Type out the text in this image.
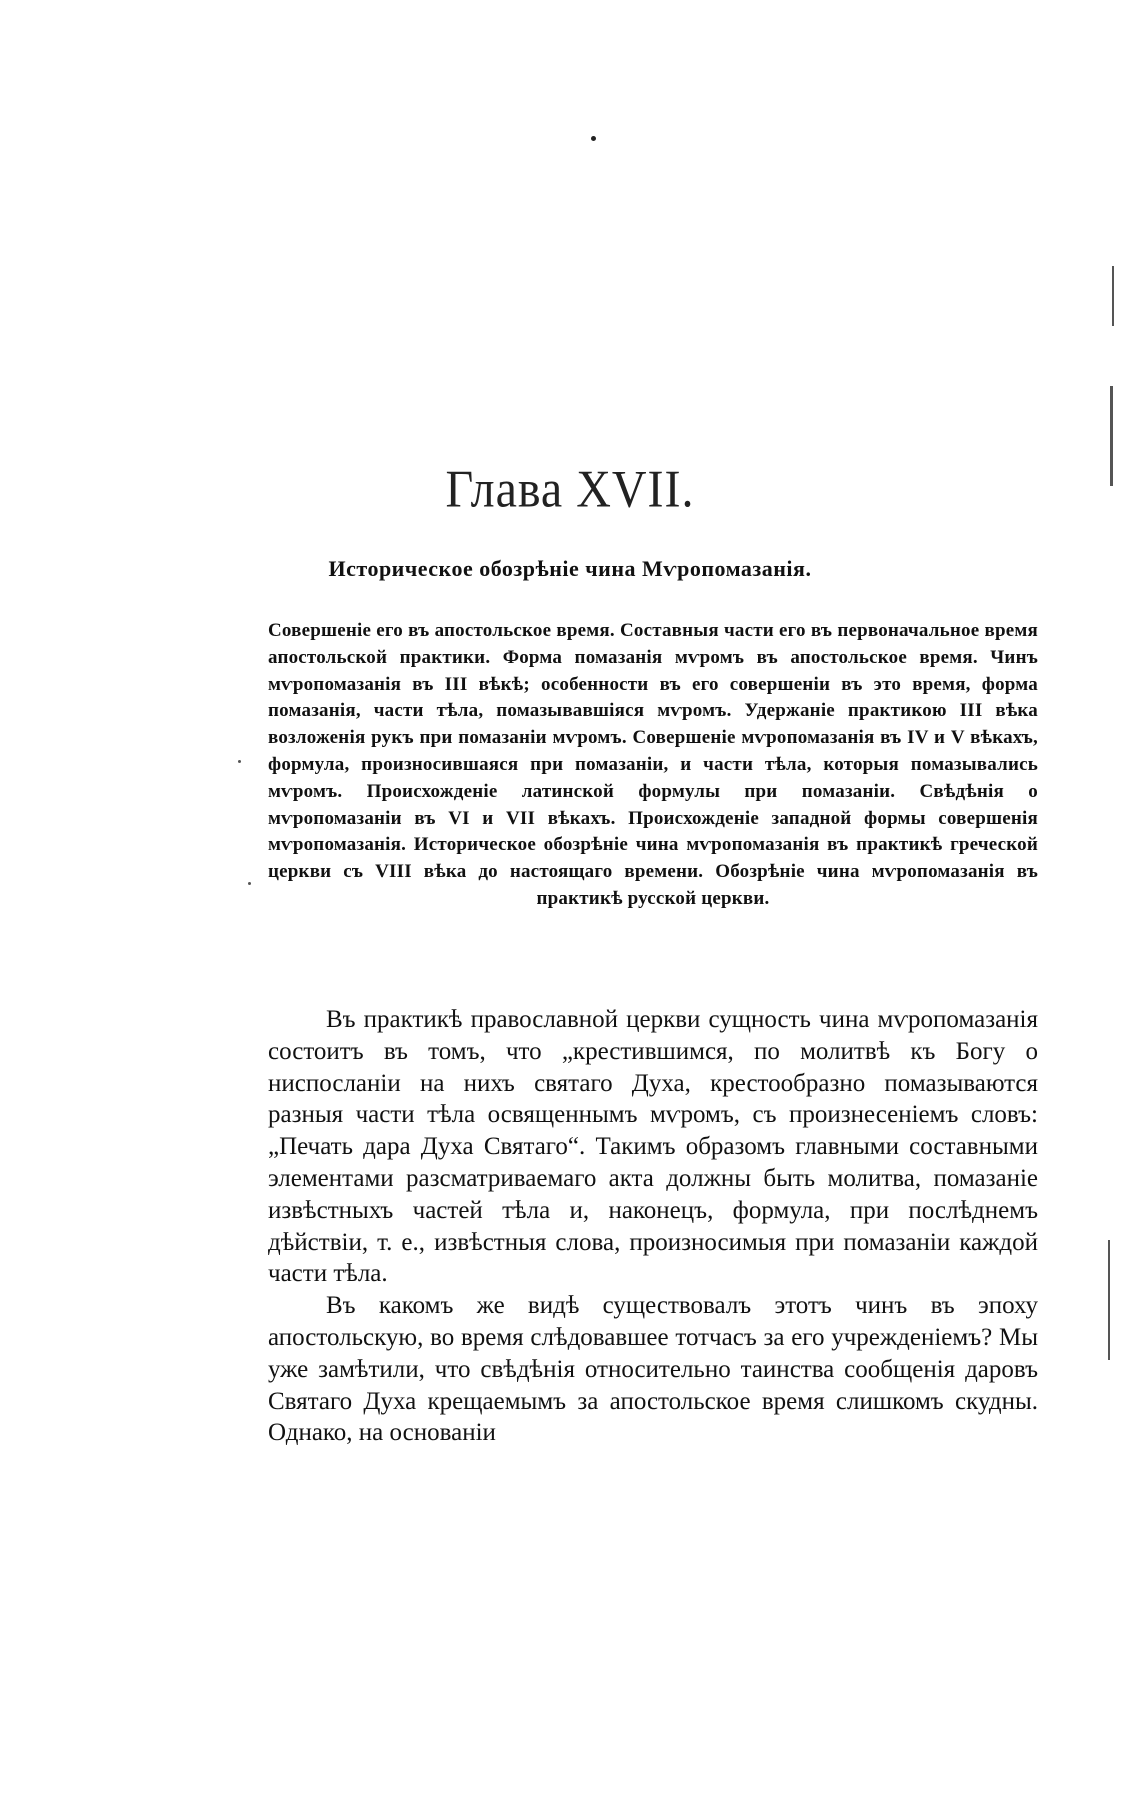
Глава XVII.
Историческое обозрѣніе чина Мѵропомазанія.
Совершеніе его въ апостольское время. Составныя части его въ первоначальное время апостольской практики. Форма помазанія мѵромъ въ апостольское время. Чинъ мѵропомазанія въ III вѣкѣ; особенности въ его совершеніи въ это время, форма помазанія, части тѣла, помазывавшіяся мѵромъ. Удержаніе практикою III вѣка возложенія рукъ при помазаніи мѵромъ. Совершеніе мѵропомазанія въ IV и V вѣкахъ, формула, произносившаяся при помазаніи, и части тѣла, которыя помазывались мѵромъ. Происхожденіе латинской формулы при помазаніи. Свѣдѣнія о мѵропомазаніи въ VI и VII вѣкахъ. Происхожденіе западной формы совершенія мѵропомазанія. Историческое обозрѣніе чина мѵропомазанія въ практикѣ греческой церкви съ VIII вѣка до настоящаго времени. Обозрѣніе чина мѵропомазанія въ практикѣ русской церкви.

Въ практикѣ православной церкви сущность чина мѵропомазанія состоитъ въ томъ, что „крестившимся, по молитвѣ къ Богу о ниспосланіи на нихъ святаго Духа, крестообразно помазываются разныя части тѣла освященнымъ мѵромъ, съ произнесеніемъ словъ: „Печать дара Духа Святаго“. Такимъ образомъ главными составными элементами разсматриваемаго акта должны быть молитва, помазаніе извѣстныхъ частей тѣла и, наконецъ, формула, при послѣднемъ дѣйствіи, т. е., извѣстныя слова, произносимыя при помазаніи каждой части тѣла.

Въ какомъ же видѣ существовалъ этотъ чинъ въ эпоху апостольскую, во время слѣдовавшее тотчасъ за его учрежденіемъ? Мы уже замѣтили, что свѣдѣнія относительно таинства сообщенія даровъ Святаго Духа крещаемымъ за апостольское время слишкомъ скудны. Однако, на основаніи
